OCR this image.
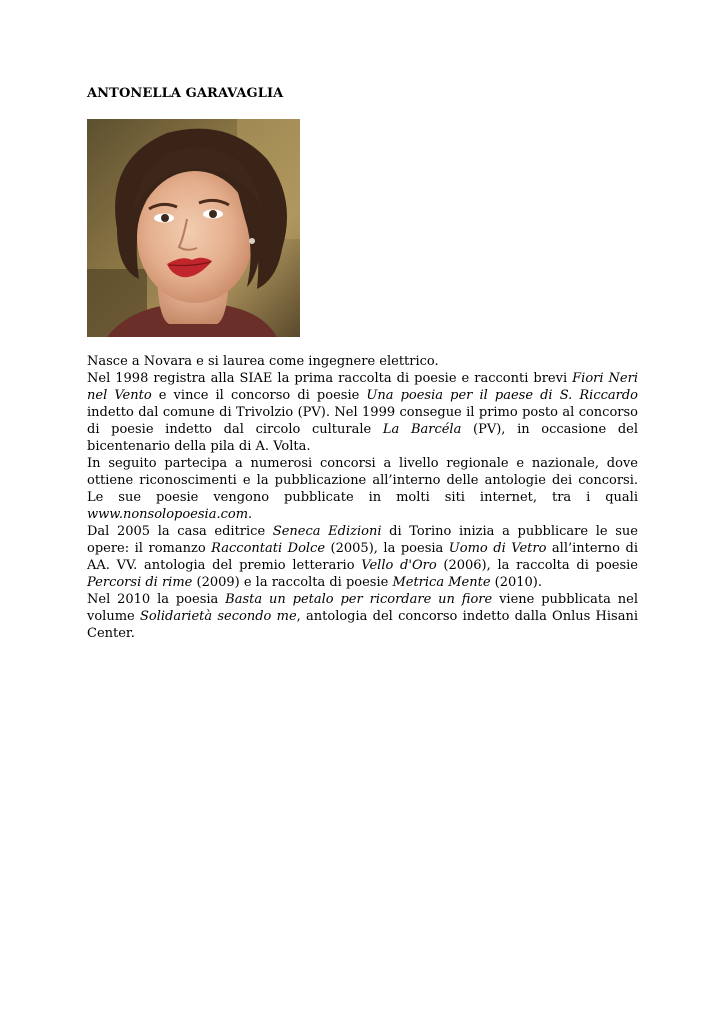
ANTONELLA GARAVAGLIA

Nasce a Novara e si laurea come ingegnere elettrico.

Nel 1998 registra alla SIAE la prima raccolta di poesie e racconti brevi Fiori Neri nel Vento e vince il concorso di poesie Una poesia per il paese di S. Riccardo indetto dal comune di Trivolzio (PV). Nel 1999 consegue il primo posto al concorso di poesie indetto dal circolo culturale La Barcéla (PV), in occasione del bicentenario della pila di A. Volta.

In seguito partecipa a numerosi concorsi a livello regionale e nazionale, dove ottiene riconoscimenti e la pubblicazione all’interno delle antologie dei concorsi. Le sue poesie vengono pubblicate in molti siti internet, tra i quali www.nonsolopoesia.com.

Dal 2005 la casa editrice Seneca Edizioni di Torino inizia a pubblicare le sue opere: il romanzo Raccontati Dolce (2005), la poesia Uomo di Vetro all’interno di AA. VV. antologia del premio letterario Vello d'Oro (2006), la raccolta di poesie Percorsi di rime (2009) e la raccolta di poesie Metrica Mente (2010).

Nel 2010 la poesia Basta un petalo per ricordare un fiore viene pubblicata nel volume Solidarietà secondo me, antologia del concorso indetto dalla Onlus Hisani Center.
